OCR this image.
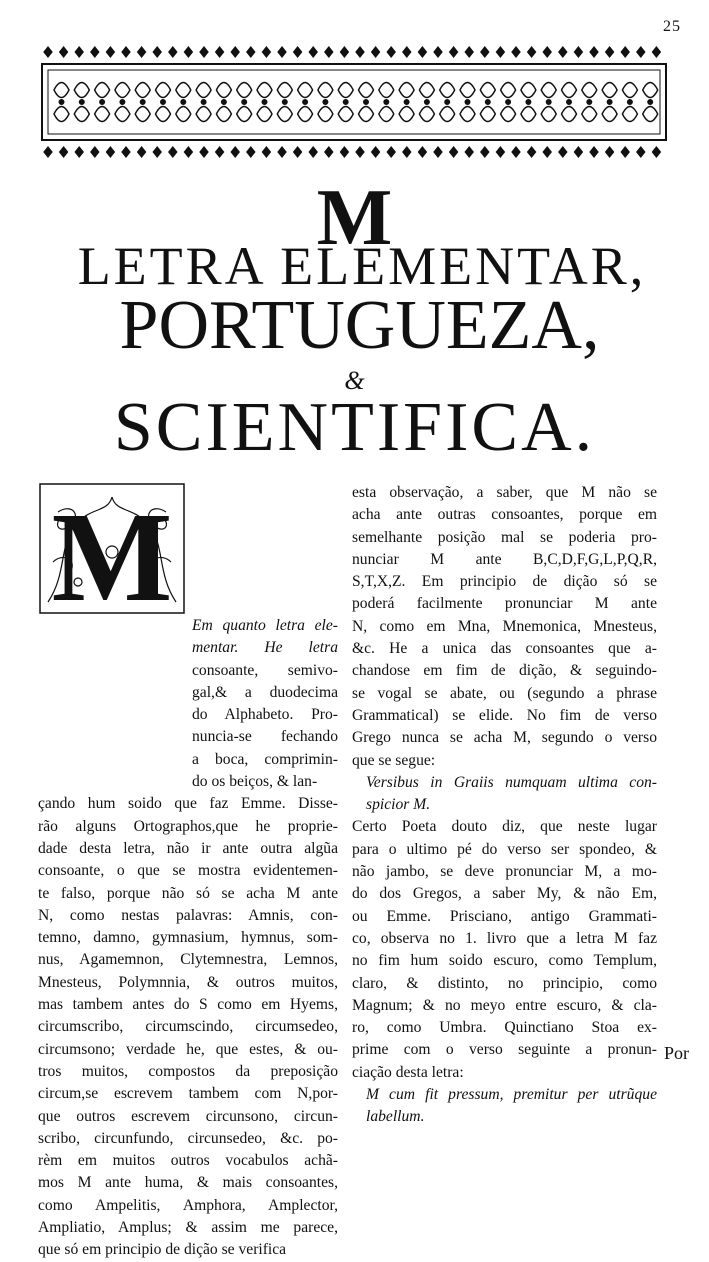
25
M
LETRA ELEMENTAR,
PORTUGUEZA,
&
SCIENTIFICA.
M	Em quanto letra ele-
mentar. He letra
consoante, semivo-
gal,& a duodecima
do Alphabeto. Pro-
nuncia-se fechando
a boca, comprimin-
do os beiços, & lan-
çando hum soido que faz Emme. Disse-
rão alguns Ortographos,que he proprie-
dade desta letra, não ir ante outra algũa
consoante, o que se mostra evidentemen-
te falso, porque não só se acha M ante
N, como nestas palavras: Amnis, con-
temno, damno, gymnasium, hymnus, som-
nus, Agamemnon, Clytemnestra, Lemnos,
Mnesteus, Polymnnia, & outros muitos,
mas tambem antes do S como em Hyems,
circumscribo, circumscindo, circumsedeo,
circumsono; verdade he, que estes, & ou-
tros muitos, compostos da preposição
circum,se escrevem tambem com N,por-
que outros escrevem circunsono, circun-
scribo, circunfundo, circunsedeo, &c. po-
rèm em muitos outros vocabulos achã-
mos M ante huma, & mais consoantes,
como Ampelitis, Amphora, Amplector,
Ampliatio, Amplus; & assim me parece,
que só em principio de dição se verifica
esta observação, a saber, que M não se
acha ante outras consoantes, porque em
semelhante posição mal se poderia pro-
nunciar M ante B,C,D,F,G,L,P,Q,R,
S,T,X,Z. Em principio de dição só se
poderá facilmente pronunciar M ante
N, como em Mna, Mnemonica, Mnesteus,
&c. He a unica das consoantes que a-
chandose em fim de dição, & seguindo-
se vogal se abate, ou (segundo a phrase
Grammatical) se elide. No fim de verso
Grego nunca se acha M, segundo o verso
que se segue:
Versibus in Graiis numquam ultima con-
spicior M.
Certo Poeta douto diz, que neste lugar
para o ultimo pé do verso ser spondeo, &
não jambo, se deve pronunciar M, a mo-
do dos Gregos, a saber My, & não Em,
ou Emme. Prisciano, antigo Grammati-
co, observa no 1. livro que a letra M faz
no fim hum soido escuro, como Templum,
claro, & distinto, no principio, como
Magnum; & no meyo entre escuro, & cla-
ro, como Umbra. Quinctiano Stoa ex-
prime com o verso seguinte a pronun-
ciação desta letra:
M cum fit pressum, premitur per utrũque
labellum.
Por
